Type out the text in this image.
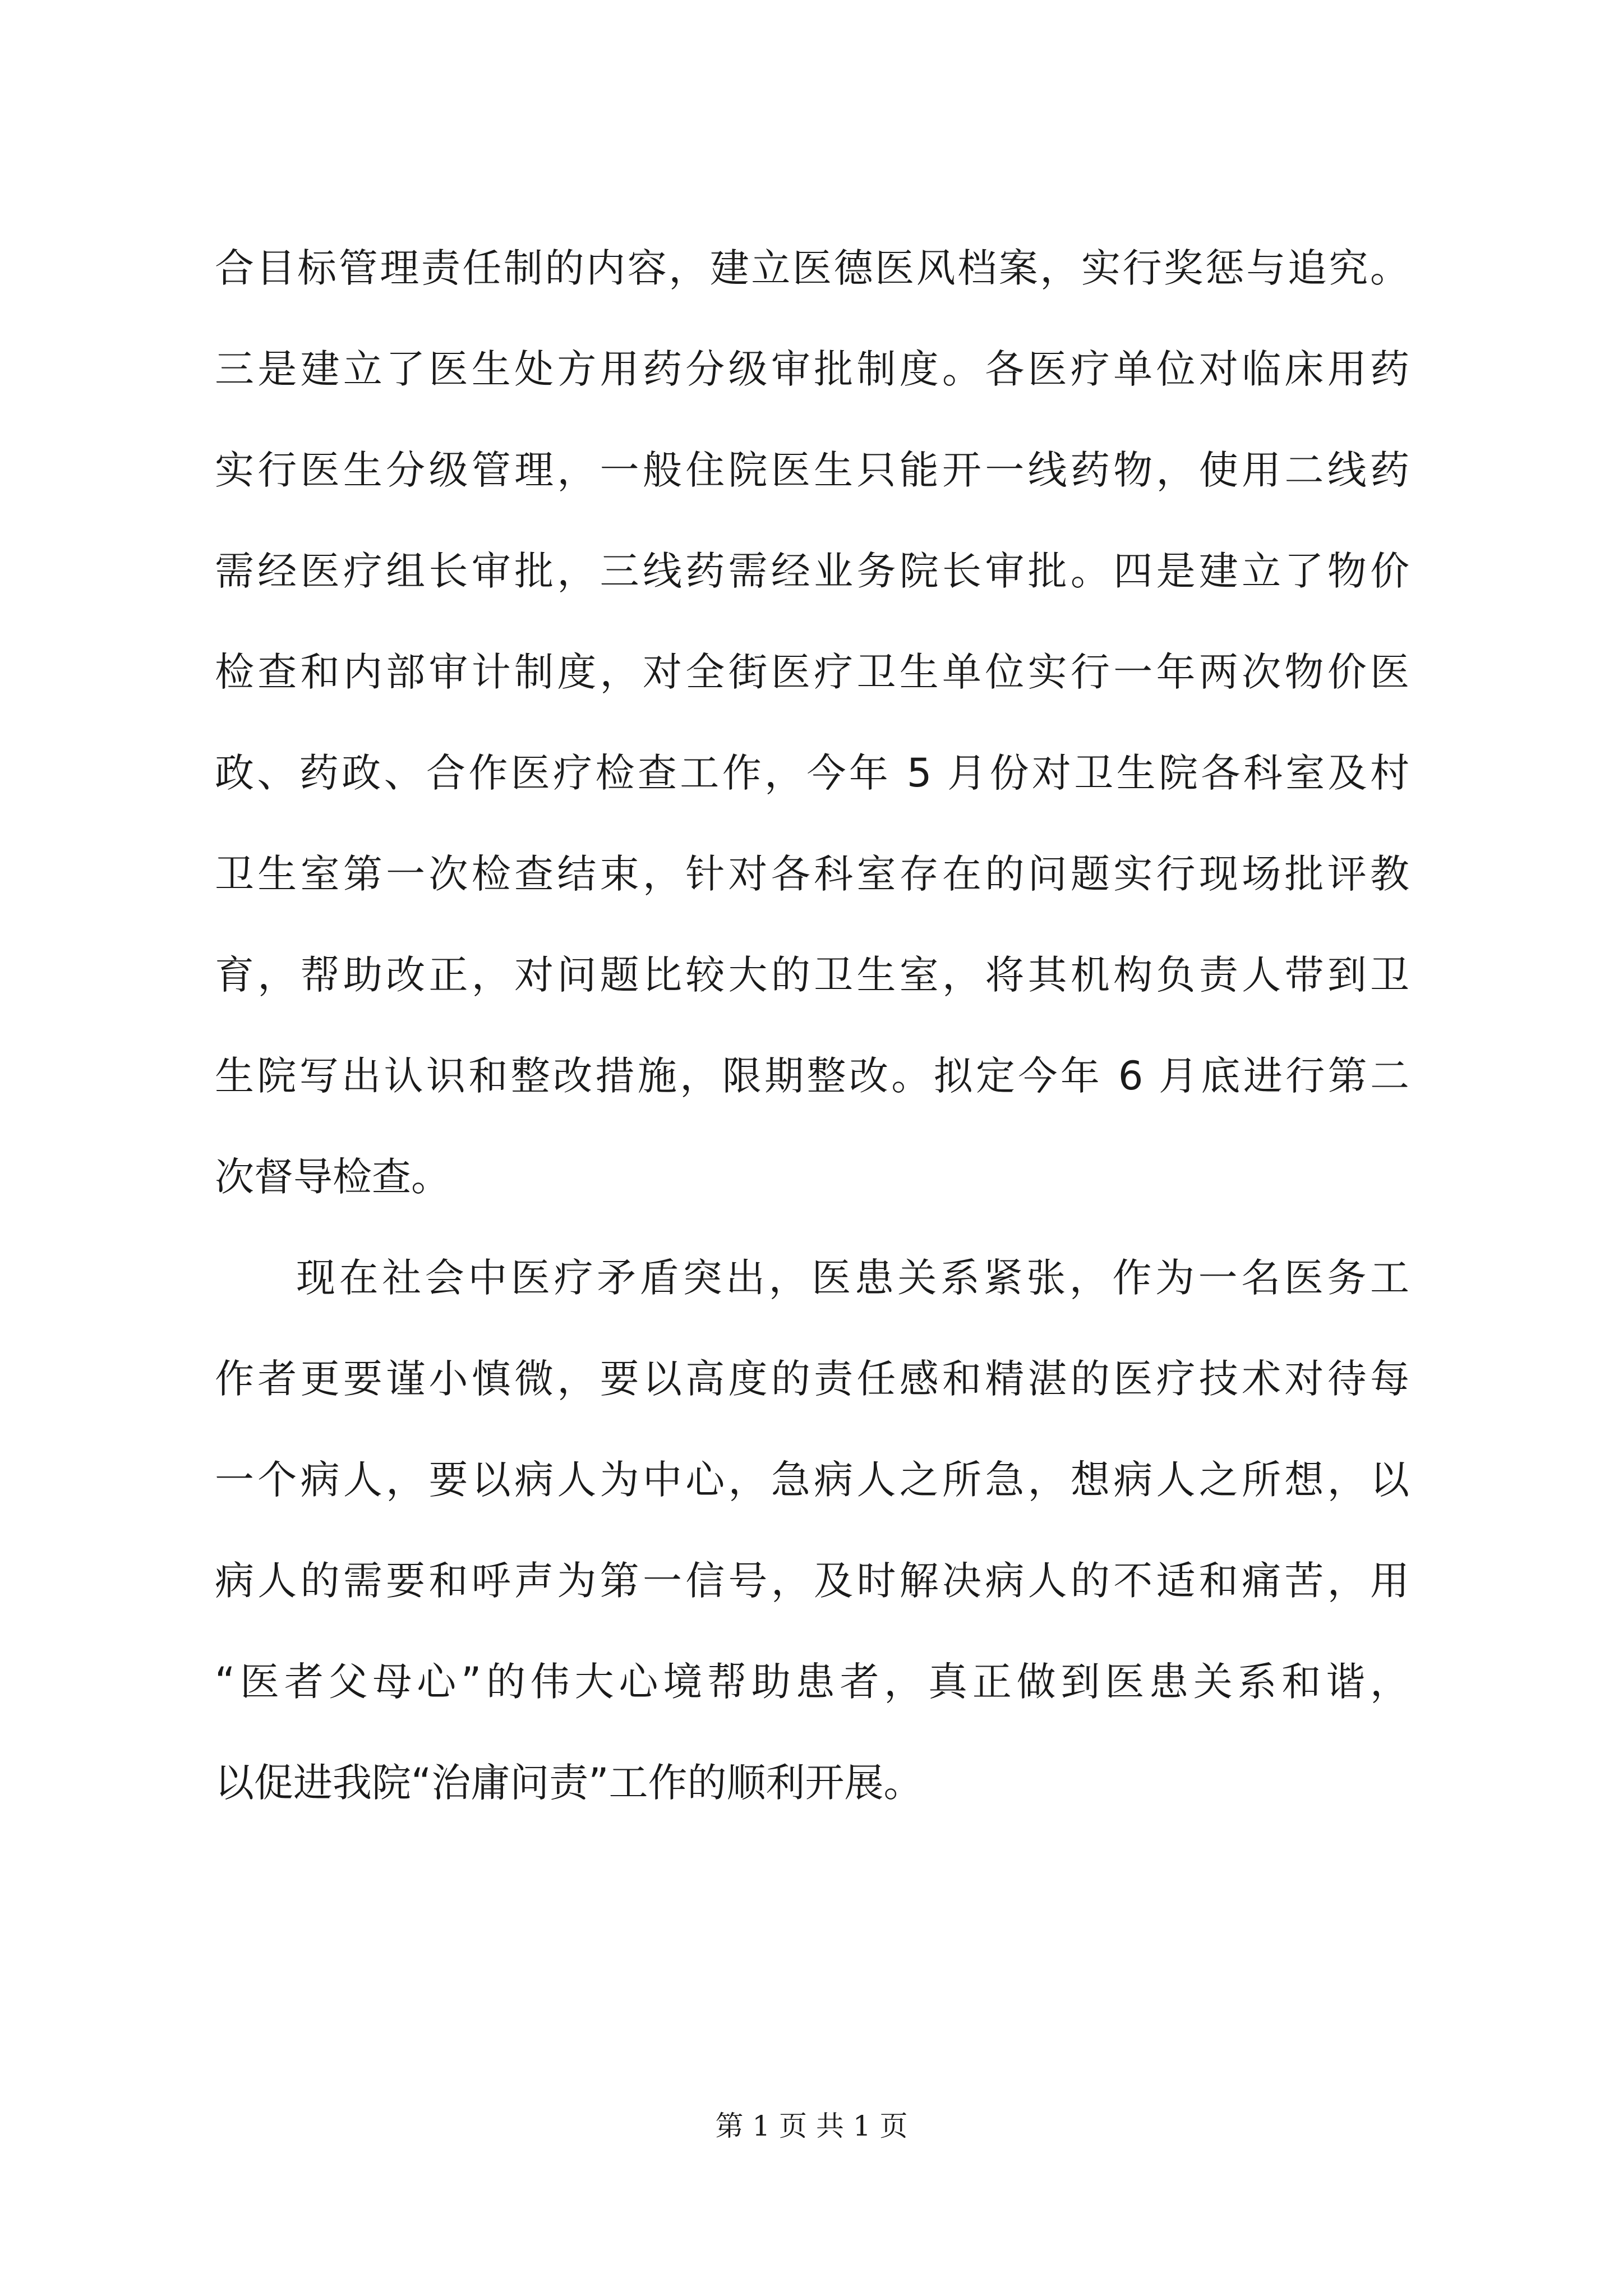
合目标管理责任制的内容，建立医德医风档案，实行奖惩与追究。
三是建立了医生处方用药分级审批制度。各医疗单位对临床用药
实行医生分级管理，一般住院医生只能开一线药物，使用二线药
需经医疗组长审批，三线药需经业务院长审批。四是建立了物价
检查和内部审计制度，对全街医疗卫生单位实行一年两次物价医
政、药政、合作医疗检查工作，今年 5 月份对卫生院各科室及村
卫生室第一次检查结束，针对各科室存在的问题实行现场批评教
育，帮助改正，对问题比较大的卫生室，将其机构负责人带到卫
生院写出认识和整改措施，限期整改。拟定今年 6 月底进行第二
次督导检查。
现在社会中医疗矛盾突出，医患关系紧张，作为一名医务工
作者更要谨小慎微，要以高度的责任感和精湛的医疗技术对待每
一个病人，要以病人为中心，急病人之所急，想病人之所想，以
病人的需要和呼声为第一信号，及时解决病人的不适和痛苦，用
“医者父母心”的伟大心境帮助患者，真正做到医患关系和谐，
以促进我院“治庸问责”工作的顺利开展。
第 1 页 共 1 页
